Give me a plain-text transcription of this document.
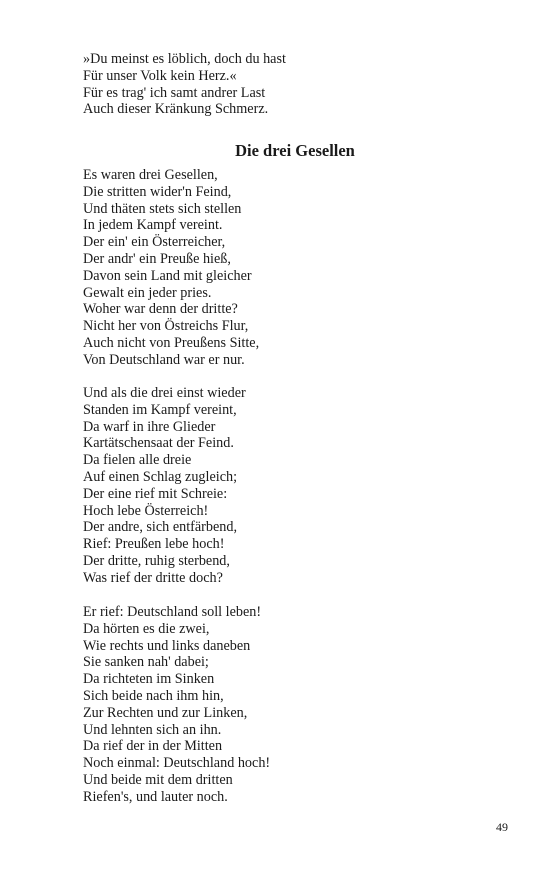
»Du meinst es löblich, doch du hast
Für unser Volk kein Herz.«
Für es trag' ich samt andrer Last
Auch dieser Kränkung Schmerz.
Die drei Gesellen
Es waren drei Gesellen,
Die stritten wider'n Feind,
Und thäten stets sich stellen
In jedem Kampf vereint.
Der ein' ein Österreicher,
Der andr' ein Preuße hieß,
Davon sein Land mit gleicher
Gewalt ein jeder pries.
Woher war denn der dritte?
Nicht her von Östreichs Flur,
Auch nicht von Preußens Sitte,
Von Deutschland war er nur.
Und als die drei einst wieder
Standen im Kampf vereint,
Da warf in ihre Glieder
Kartätschensaat der Feind.
Da fielen alle dreie
Auf einen Schlag zugleich;
Der eine rief mit Schreie:
Hoch lebe Österreich!
Der andre, sich entfärbend,
Rief: Preußen lebe hoch!
Der dritte, ruhig sterbend,
Was rief der dritte doch?
Er rief: Deutschland soll leben!
Da hörten es die zwei,
Wie rechts und links daneben
Sie sanken nah' dabei;
Da richteten im Sinken
Sich beide nach ihm hin,
Zur Rechten und zur Linken,
Und lehnten sich an ihn.
Da rief der in der Mitten
Noch einmal: Deutschland hoch!
Und beide mit dem dritten
Riefen's, und lauter noch.
49
